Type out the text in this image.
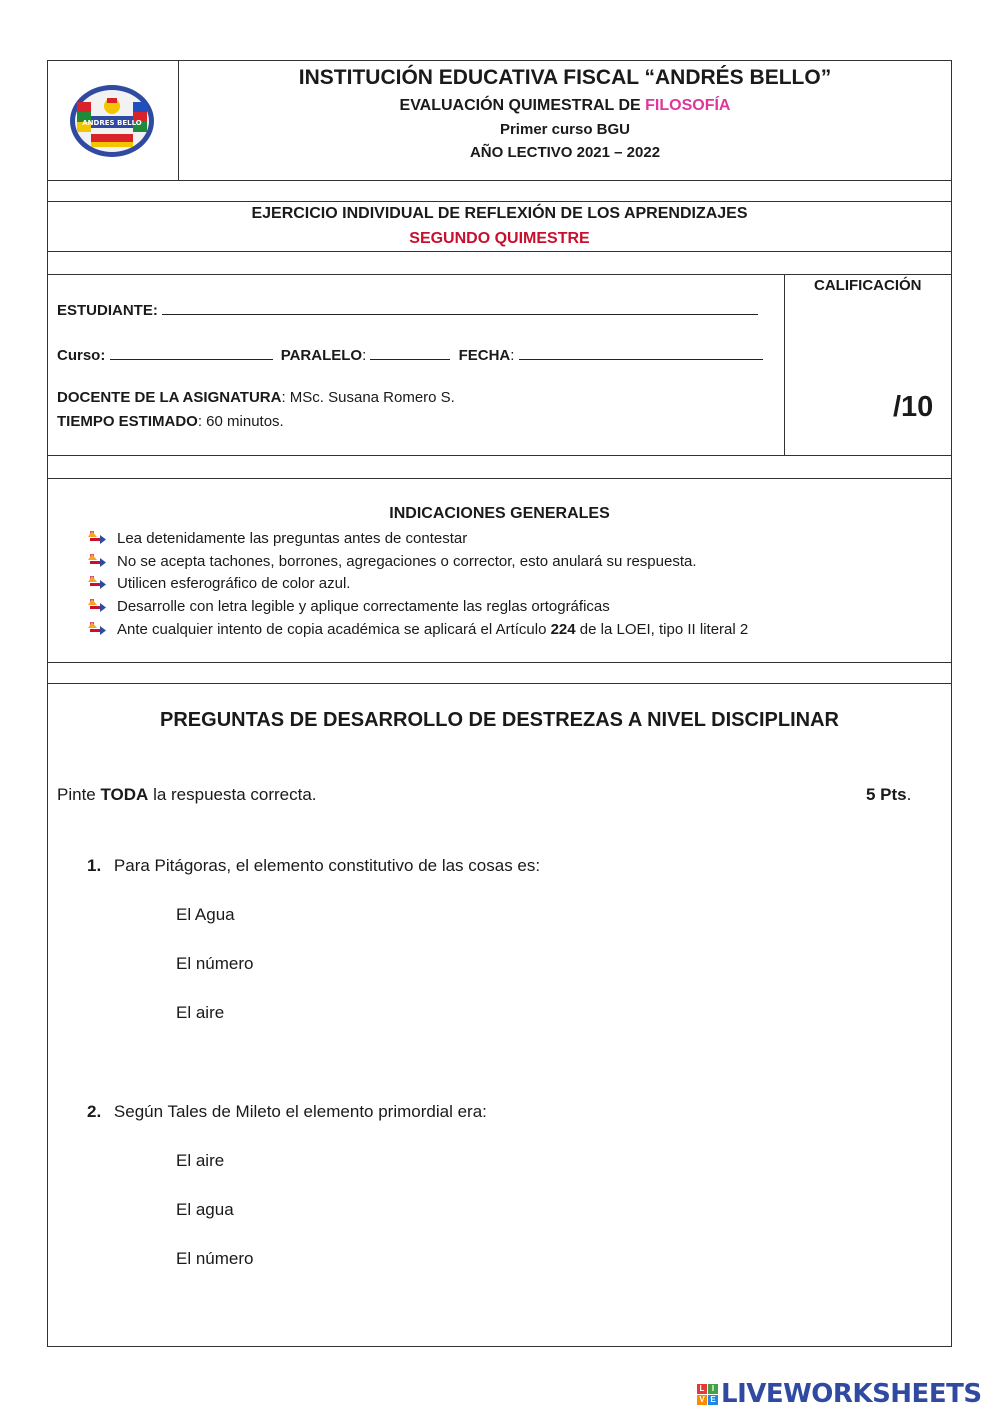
ANDRES BELLO
INSTITUCIÓN EDUCATIVA FISCAL “ANDRÉS BELLO”
EVALUACIÓN QUIMESTRAL DE FILOSOFÍA
Primer curso BGU
AÑO LECTIVO 2021 – 2022
EJERCICIO INDIVIDUAL DE REFLEXIÓN DE LOS APRENDIZAJES
SEGUNDO QUIMESTRE
ESTUDIANTE:
Curso:	PARALELO:	FECHA:
DOCENTE DE LA ASIGNATURA: MSc. Susana Romero S.
TIEMPO ESTIMADO: 60 minutos.
CALIFICACIÓN
/10
INDICACIONES GENERALES
Lea detenidamente las preguntas antes de contestar
No se acepta tachones, borrones, agregaciones o corrector, esto anulará su respuesta.
Utilicen esferográfico de color azul.
Desarrolle con letra legible y aplique correctamente las reglas ortográficas
Ante cualquier intento de copia académica se aplicará el Artículo 224 de la LOEI, tipo II literal 2
PREGUNTAS DE DESARROLLO DE DESTREZAS A NIVEL DISCIPLINAR
Pinte TODA la respuesta correcta.	5 Pts.
1. Para Pitágoras, el elemento constitutivo de las cosas es:
El Agua
El número
El aire
2. Según Tales de Mileto el elemento primordial era:
El aire
El agua
El número
L I
V E LIVEWORKSHEETS
